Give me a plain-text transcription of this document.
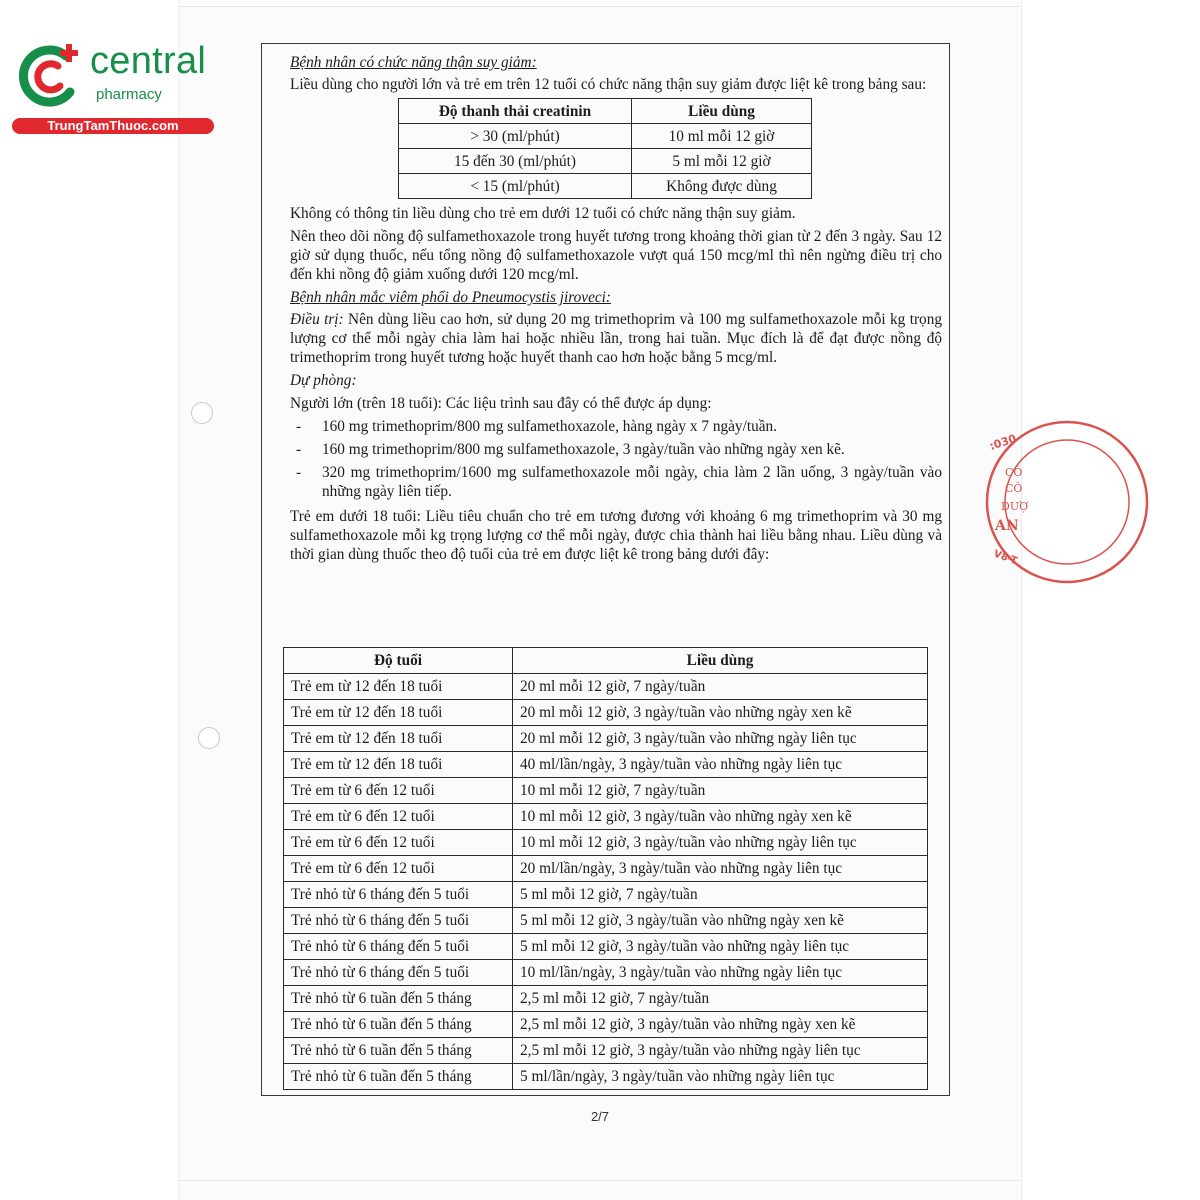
central
pharmacy
TrungTamThuoc.com

Bệnh nhân có chức năng thận suy giảm:

Liều dùng cho người lớn và trẻ em trên 12 tuổi có chức năng thận suy giảm được liệt kê trong bảng sau:

Độ thanh thải creatinin	Liều dùng
> 30 (ml/phút)	10 ml mỗi 12 giờ
15 đến 30 (ml/phút)	5 ml mỗi 12 giờ
< 15 (ml/phút)	Không được dùng

Không có thông tin liều dùng cho trẻ em dưới 12 tuổi có chức năng thận suy giảm.

Nên theo dõi nồng độ sulfamethoxazole trong huyết tương trong khoảng thời gian từ 2 đến 3 ngày. Sau 12 giờ sử dụng thuốc, nếu tổng nồng độ sulfamethoxazole vượt quá 150 mcg/ml thì nên ngừng điều trị cho đến khi nồng độ giảm xuống dưới 120 mcg/ml.

Bệnh nhân mắc viêm phổi do Pneumocystis jiroveci:

Điều trị: Nên dùng liều cao hơn, sử dụng 20 mg trimethoprim và 100 mg sulfamethoxazole mỗi kg trọng lượng cơ thể mỗi ngày chia làm hai hoặc nhiều lần, trong hai tuần. Mục đích là để đạt được nồng độ trimethoprim trong huyết tương hoặc huyết thanh cao hơn hoặc bằng 5 mcg/ml.

Dự phòng:

Người lớn (trên 18 tuổi): Các liệu trình sau đây có thể được áp dụng:

- 160 mg trimethoprim/800 mg sulfamethoxazole, hàng ngày x 7 ngày/tuần.
- 160 mg trimethoprim/800 mg sulfamethoxazole, 3 ngày/tuần vào những ngày xen kẽ.
- 320 mg trimethoprim/1600 mg sulfamethoxazole mỗi ngày, chia làm 2 lần uống, 3 ngày/tuần vào những ngày liên tiếp.

Trẻ em dưới 18 tuổi: Liều tiêu chuẩn cho trẻ em tương đương với khoảng 6 mg trimethoprim và 30 mg sulfamethoxazole mỗi kg trọng lượng cơ thể mỗi ngày, được chia thành hai liều bằng nhau. Liều dùng và thời gian dùng thuốc theo độ tuổi của trẻ em được liệt kê trong bảng dưới đây:

Độ tuổi	Liều dùng
Trẻ em từ 12 đến 18 tuổi	20 ml mỗi 12 giờ, 7 ngày/tuần
Trẻ em từ 12 đến 18 tuổi	20 ml mỗi 12 giờ, 3 ngày/tuần vào những ngày xen kẽ
Trẻ em từ 12 đến 18 tuổi	20 ml mỗi 12 giờ, 3 ngày/tuần vào những ngày liên tục
Trẻ em từ 12 đến 18 tuổi	40 ml/lần/ngày, 3 ngày/tuần vào những ngày liên tục
Trẻ em từ 6 đến 12 tuổi	10 ml mỗi 12 giờ, 7 ngày/tuần
Trẻ em từ 6 đến 12 tuổi	10 ml mỗi 12 giờ, 3 ngày/tuần vào những ngày xen kẽ
Trẻ em từ 6 đến 12 tuổi	10 ml mỗi 12 giờ, 3 ngày/tuần vào những ngày liên tục
Trẻ em từ 6 đến 12 tuổi	20 ml/lần/ngày, 3 ngày/tuần vào những ngày liên tục
Trẻ nhỏ từ 6 tháng đến 5 tuổi	5 ml mỗi 12 giờ, 7 ngày/tuần
Trẻ nhỏ từ 6 tháng đến 5 tuổi	5 ml mỗi 12 giờ, 3 ngày/tuần vào những ngày xen kẽ
Trẻ nhỏ từ 6 tháng đến 5 tuổi	5 ml mỗi 12 giờ, 3 ngày/tuần vào những ngày liên tục
Trẻ nhỏ từ 6 tháng đến 5 tuổi	10 ml/lần/ngày, 3 ngày/tuần vào những ngày liên tục
Trẻ nhỏ từ 6 tuần đến 5 tháng	2,5 ml mỗi 12 giờ, 7 ngày/tuần
Trẻ nhỏ từ 6 tuần đến 5 tháng	2,5 ml mỗi 12 giờ, 3 ngày/tuần vào những ngày xen kẽ
Trẻ nhỏ từ 6 tuần đến 5 tháng	2,5 ml mỗi 12 giờ, 3 ngày/tuần vào những ngày liên tục
Trẻ nhỏ từ 6 tuần đến 5 tháng	5 ml/lần/ngày, 3 ngày/tuần vào những ngày liên tục
2/7
:030
CÔ
CÔ
DƯỢ
AN
V8-T
